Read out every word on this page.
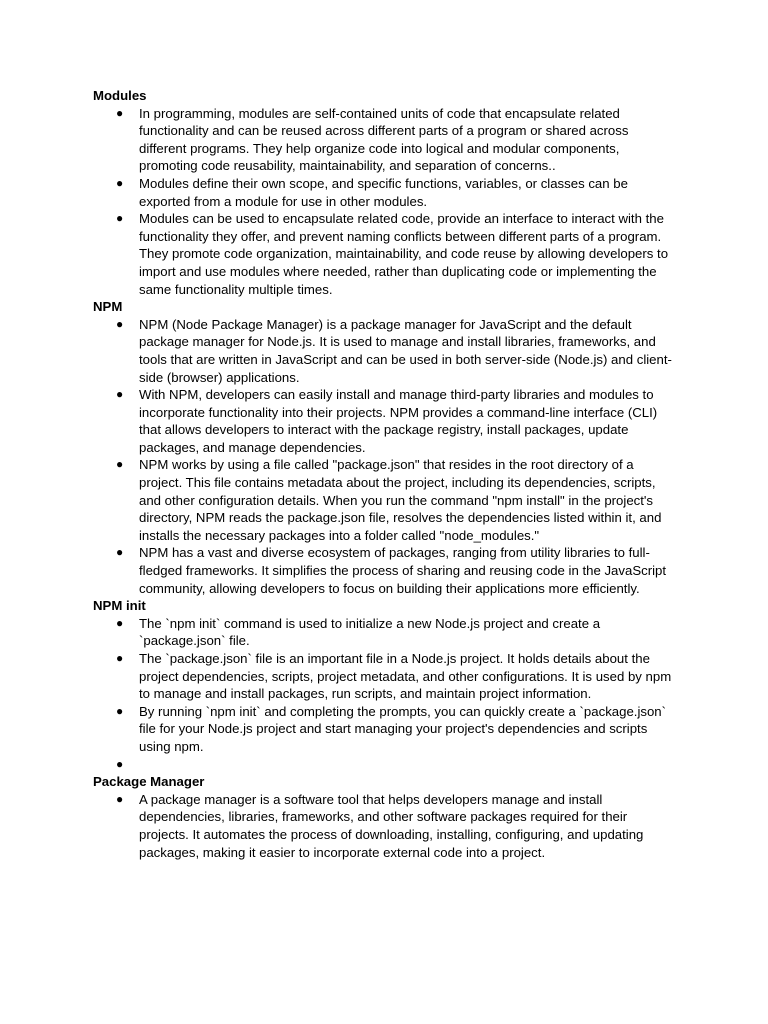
Modules

● In programming, modules are self-contained units of code that encapsulate related functionality and can be reused across different parts of a program or shared across different programs. They help organize code into logical and modular components, promoting code reusability, maintainability, and separation of concerns..
● Modules define their own scope, and specific functions, variables, or classes can be exported from a module for use in other modules.
● Modules can be used to encapsulate related code, provide an interface to interact with the functionality they offer, and prevent naming conflicts between different parts of a program. They promote code organization, maintainability, and code reuse by allowing developers to import and use modules where needed, rather than duplicating code or implementing the same functionality multiple times.

NPM

● NPM (Node Package Manager) is a package manager for JavaScript and the default package manager for Node.js. It is used to manage and install libraries, frameworks, and tools that are written in JavaScript and can be used in both server-side (Node.js) and client-side (browser) applications.
● With NPM, developers can easily install and manage third-party libraries and modules to incorporate functionality into their projects. NPM provides a command-line interface (CLI) that allows developers to interact with the package registry, install packages, update packages, and manage dependencies.
● NPM works by using a file called "package.json" that resides in the root directory of a project. This file contains metadata about the project, including its dependencies, scripts, and other configuration details. When you run the command "npm install" in the project's directory, NPM reads the package.json file, resolves the dependencies listed within it, and installs the necessary packages into a folder called "node_modules."
● NPM has a vast and diverse ecosystem of packages, ranging from utility libraries to full-fledged frameworks. It simplifies the process of sharing and reusing code in the JavaScript community, allowing developers to focus on building their applications more efficiently.

NPM init

● The `npm init` command is used to initialize a new Node.js project and create a `package.json` file.
● The `package.json` file is an important file in a Node.js project. It holds details about the project dependencies, scripts, project metadata, and other configurations. It is used by npm to manage and install packages, run scripts, and maintain project information.
● By running `npm init` and completing the prompts, you can quickly create a `package.json` file for your Node.js project and start managing your project's dependencies and scripts using npm.
●

Package Manager

● A package manager is a software tool that helps developers manage and install dependencies, libraries, frameworks, and other software packages required for their projects. It automates the process of downloading, installing, configuring, and updating packages, making it easier to incorporate external code into a project.
